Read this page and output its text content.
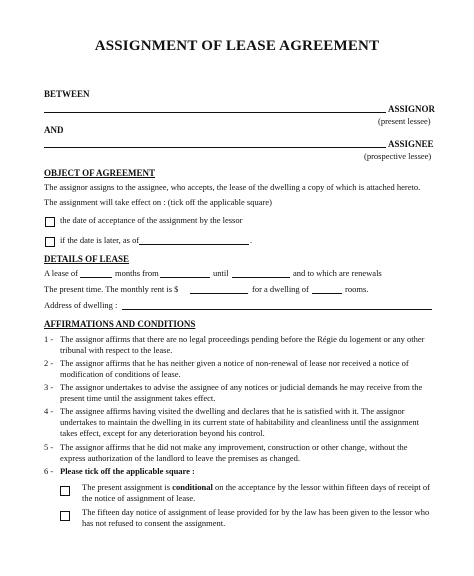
ASSIGNMENT OF LEASE AGREEMENT
BETWEEN
ASSIGNOR
(present lessee)
AND
ASSIGNEE
(prospective lessee)
OBJECT OF AGREEMENT
The assignor assigns to the assignee, who accepts, the lease of the dwelling a copy of which is attached hereto.
The assignment will take effect on : (tick off the applicable square)
the date of acceptance of the assignment by the lessor
if the date is later, as of	.
DETAILS OF LEASE
A lease of	months from	until	and to which are renewals
The present time. The monthly rent is $	for a dwelling of	rooms.
Address of dwelling :
AFFIRMATIONS AND CONDITIONS
1 - The assignor affirms that there are no legal proceedings pending before the Régie du logement or any other
tribunal with respect to the lease.
2 - The assignor affirms that he has neither given a notice of non-renewal of lease nor received a notice of
modification of conditions of lease.
3 - The assignor undertakes to advise the assignee of any notices or judicial demands he may receive from the
present time until the assignment takes effect.
4 - The assignee affirms having visited the dwelling and declares that he is satisfied with it. The assignor
undertakes to maintain the dwelling in its current state of habitability and cleanliness until the assignment
takes effect, except for any deterioration beyond his control.
5 - The assignor affirms that he did not make any improvement, construction or other change, without the
express authorization of the landlord to leave the premises as changed.
6 - Please tick off the applicable square :
The present assignment is conditional on the acceptance by the lessor within fifteen days of receipt of
the notice of assignment of lease.
The fifteen day notice of assignment of lease provided for by the law has been given to the lessor who
has not refused to consent the assignment.
